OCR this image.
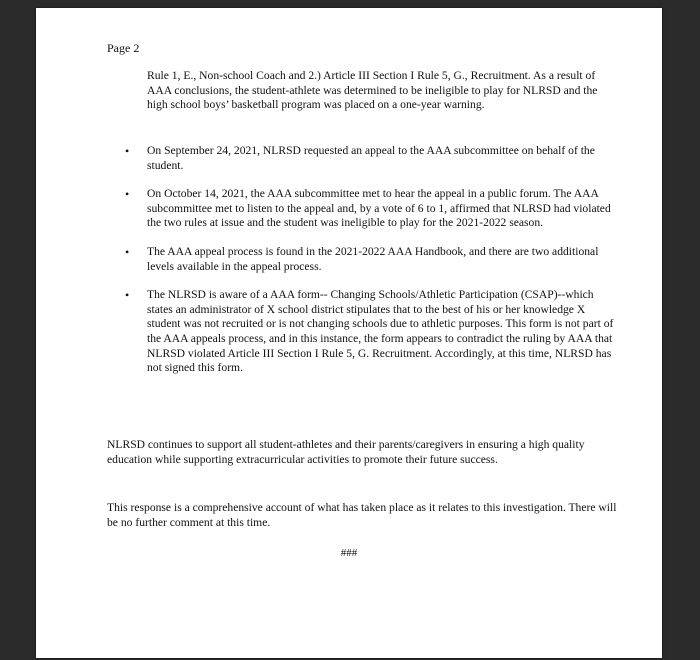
Page 2

Rule 1, E., Non-school Coach and 2.) Article III Section I Rule 5, G., Recruitment. As a result of AAA conclusions, the student-athlete was determined to be ineligible to play for NLRSD and the high school boys’ basketball program was placed on a one-year warning.

• On September 24, 2021, NLRSD requested an appeal to the AAA subcommittee on behalf of the student.
• On October 14, 2021, the AAA subcommittee met to hear the appeal in a public forum. The AAA subcommittee met to listen to the appeal and, by a vote of 6 to 1, affirmed that NLRSD had violated the two rules at issue and the student was ineligible to play for the 2021-2022 season.
• The AAA appeal process is found in the 2021-2022 AAA Handbook, and there are two additional levels available in the appeal process.
• The NLRSD is aware of a AAA form-- Changing Schools/Athletic Participation (CSAP)--which states an administrator of X school district stipulates that to the best of his or her knowledge X student was not recruited or is not changing schools due to athletic purposes. This form is not part of the AAA appeals process, and in this instance, the form appears to contradict the ruling by AAA that NLRSD violated Article III Section I Rule 5, G. Recruitment. Accordingly, at this time, NLRSD has not signed this form.

NLRSD continues to support all student-athletes and their parents/caregivers in ensuring a high quality education while supporting extracurricular activities to promote their future success.

This response is a comprehensive account of what has taken place as it relates to this investigation. There will be no further comment at this time.

###
